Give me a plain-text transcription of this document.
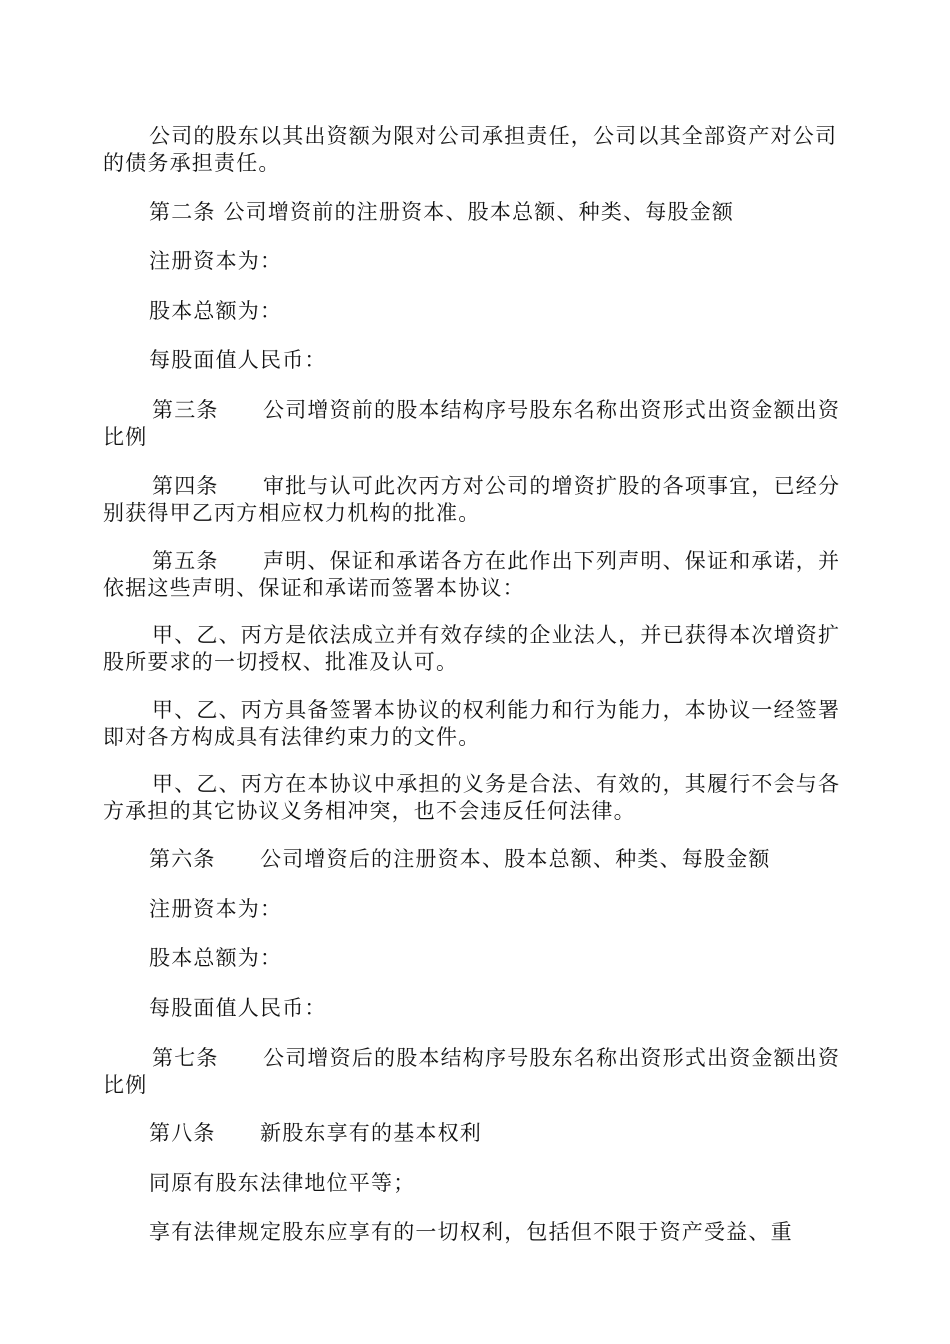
公司的股东以其出资额为限对公司承担责任，公司以其全部资产对公司的债务承担责任。

第二条 公司增资前的注册资本、股本总额、种类、每股金额

注册资本为：

股本总额为：

每股面值人民币：

第三条　　公司增资前的股本结构序号股东名称出资形式出资金额出资比例

第四条　　审批与认可此次丙方对公司的增资扩股的各项事宜，已经分别获得甲乙丙方相应权力机构的批准。

第五条　　声明、保证和承诺各方在此作出下列声明、保证和承诺，并依据这些声明、保证和承诺而签署本协议：

甲、乙、丙方是依法成立并有效存续的企业法人，并已获得本次增资扩股所要求的一切授权、批准及认可。

甲、乙、丙方具备签署本协议的权利能力和行为能力，本协议一经签署即对各方构成具有法律约束力的文件。

甲、乙、丙方在本协议中承担的义务是合法、有效的，其履行不会与各方承担的其它协议义务相冲突，也不会违反任何法律。

第六条　　公司增资后的注册资本、股本总额、种类、每股金额

注册资本为：

股本总额为：

每股面值人民币：

第七条　　公司增资后的股本结构序号股东名称出资形式出资金额出资比例

第八条　　新股东享有的基本权利

同原有股东法律地位平等；

享有法律规定股东应享有的一切权利，包括但不限于资产受益、重
